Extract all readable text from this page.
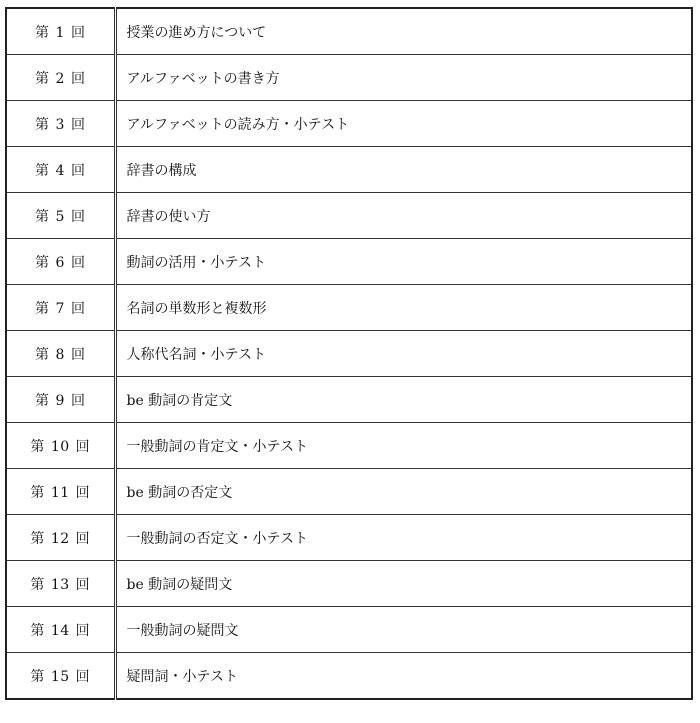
第 1 回	授業の進め方について
第 2 回	アルファベットの書き方
第 3 回	アルファベットの読み方・小テスト
第 4 回	辞書の構成
第 5 回	辞書の使い方
第 6 回	動詞の活用・小テスト
第 7 回	名詞の単数形と複数形
第 8 回	人称代名詞・小テスト
第 9 回	be 動詞の肯定文
第 10 回	一般動詞の肯定文・小テスト
第 11 回	be 動詞の否定文
第 12 回	一般動詞の否定文・小テスト
第 13 回	be 動詞の疑問文
第 14 回	一般動詞の疑問文
第 15 回	疑問詞・小テスト
